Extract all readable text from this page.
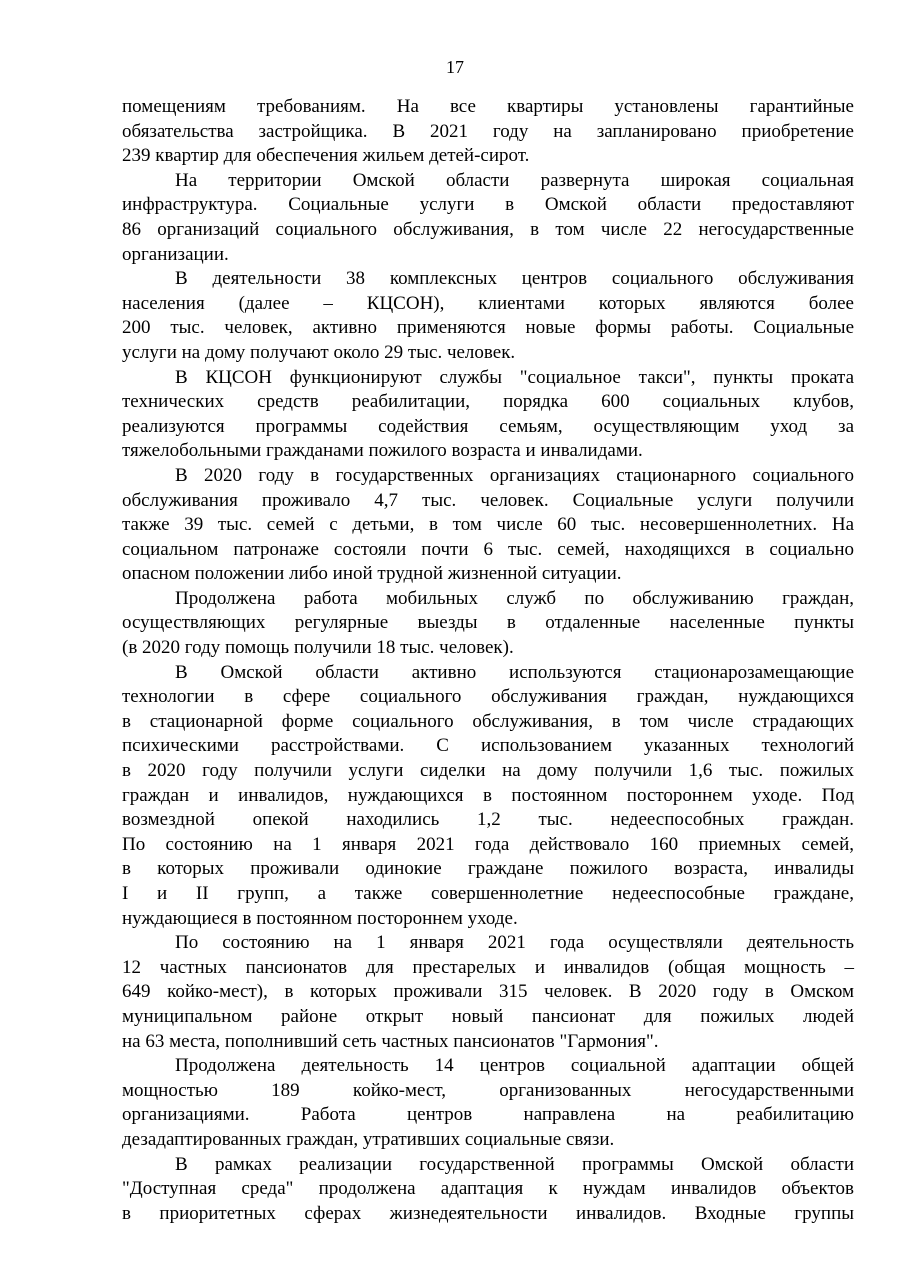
17
помещениям требованиям. На все квартиры установлены гарантийные
обязательства застройщика. В 2021 году на запланировано приобретение
239 квартир для обеспечения жильем детей-сирот.
На территории Омской области развернута широкая социальная
инфраструктура. Социальные услуги в Омской области предоставляют
86 организаций социального обслуживания, в том числе 22 негосударственные
организации.
В деятельности 38 комплексных центров социального обслуживания
населения (далее – КЦСОН), клиентами которых являются более
200 тыс. человек, активно применяются новые формы работы. Социальные
услуги на дому получают около 29 тыс. человек.
В КЦСОН функционируют службы "социальное такси", пункты проката
технических средств реабилитации, порядка 600 социальных клубов,
реализуются программы содействия семьям, осуществляющим уход за
тяжелобольными гражданами пожилого возраста и инвалидами.
В 2020 году в государственных организациях стационарного социального
обслуживания проживало 4,7 тыс. человек. Социальные услуги получили
также 39 тыс. семей с детьми, в том числе 60 тыс. несовершеннолетних. На
социальном патронаже состояли почти 6 тыс. семей, находящихся в социально
опасном положении либо иной трудной жизненной ситуации.
Продолжена работа мобильных служб по обслуживанию граждан,
осуществляющих регулярные выезды в отдаленные населенные пункты
(в 2020 году помощь получили 18 тыс. человек).
В Омской области активно используются стационарозамещающие
технологии в сфере социального обслуживания граждан, нуждающихся
в стационарной форме социального обслуживания, в том числе страдающих
психическими расстройствами. С использованием указанных технологий
в 2020 году получили услуги сиделки на дому получили 1,6 тыс. пожилых
граждан и инвалидов, нуждающихся в постоянном постороннем уходе. Под
возмездной опекой находились 1,2 тыс. недееспособных граждан.
По состоянию на 1 января 2021 года действовало 160 приемных семей,
в которых проживали одинокие граждане пожилого возраста, инвалиды
I и II групп, а также совершеннолетние недееспособные граждане,
нуждающиеся в постоянном постороннем уходе.
По состоянию на 1 января 2021 года осуществляли деятельность
12 частных пансионатов для престарелых и инвалидов (общая мощность –
649 койко-мест), в которых проживали 315 человек. В 2020 году в Омском
муниципальном районе открыт новый пансионат для пожилых людей
на 63 места, пополнивший сеть частных пансионатов "Гармония".
Продолжена деятельность 14 центров социальной адаптации общей
мощностью 189 койко-мест, организованных негосударственными
организациями. Работа центров направлена на реабилитацию
дезадаптированных граждан, утративших социальные связи.
В рамках реализации государственной программы Омской области
"Доступная среда" продолжена адаптация к нуждам инвалидов объектов
в приоритетных сферах жизнедеятельности инвалидов. Входные группы
